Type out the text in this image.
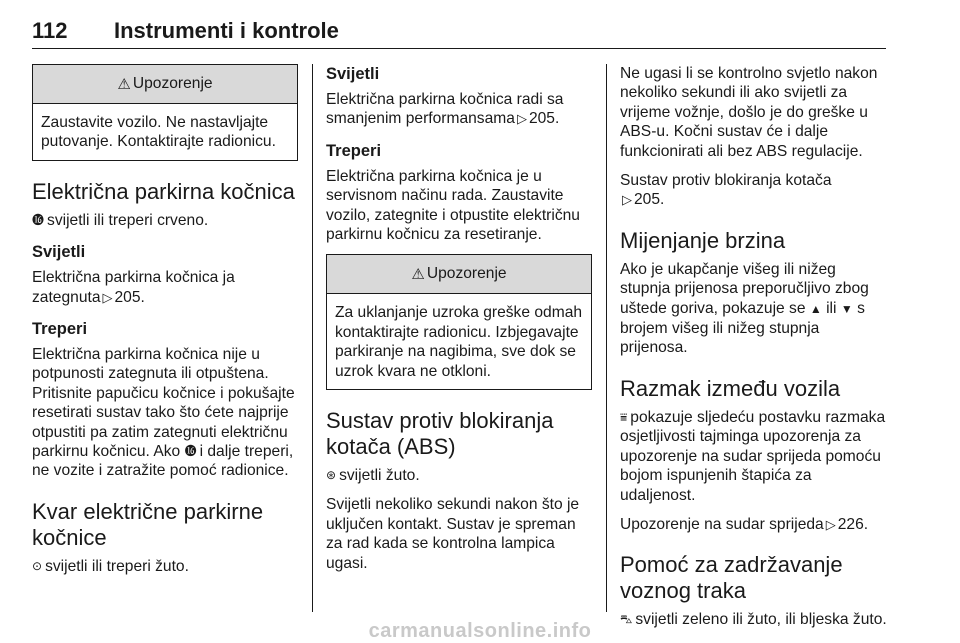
112 Instrumenti i kontrole
⚠ Upozorenje
Zaustavite vozilo. Ne nastavljajte putovanje. Kontaktirajte radionicu.
Električna parkirna kočnica

⓰ svijetli ili treperi crveno.

Svijetli

Električna parkirna kočnica ja zategnuta ▷ 205.

Treperi

Električna parkirna kočnica nije u potpunosti zategnuta ili otpuštena. Pritisnite papučicu kočnice i pokušajte resetirati sustav tako što ćete najprije otpustiti pa zatim zategnuti električnu parkirnu kočnicu. Ako ⓰ i dalje treperi, ne vozite i zatražite pomoć radionice.

Kvar električne parkirne kočnice

⊙ svijetli ili treperi žuto.

Svijetli

Električna parkirna kočnica radi sa smanjenim performansama ▷ 205.

Treperi

Električna parkirna kočnica je u servisnom načinu rada. Zaustavite vozilo, zategnite i otpustite električnu parkirnu kočnicu za resetiranje.

⚠ Upozorenje
Za uklanjanje uzroka greške odmah kontaktirajte radionicu. Izbjegavajte parkiranje na nagibima, sve dok se uzrok kvara ne otkloni.
Sustav protiv blokiranja kotača (ABS)

⊛ svijetli žuto.

Svijetli nekoliko sekundi nakon što je uključen kontakt. Sustav je spreman za rad kada se kontrolna lampica ugasi.

Ne ugasi li se kontrolno svjetlo nakon nekoliko sekundi ili ako svijetli za vrijeme vožnje, došlo je do greške u ABS-u. Kočni sustav će i dalje funkcionirati ali bez ABS regulacije.

Sustav protiv blokiranja kotača
▷ 205.

Mijenjanje brzina

Ako je ukapčanje višeg ili nižeg stupnja prijenosa preporučljivo zbog uštede goriva, pokazuje se ▲ ili ▼ s brojem višeg ili nižeg stupnja prijenosa.

Razmak između vozila

⩸ pokazuje sljedeću postavku razmaka osjetljivosti tajminga upozorenja za upozorenje na sudar sprijeda pomoću bojom ispunjenih štapića za udaljenost.

Upozorenje na sudar sprijeda ▷ 226.

Pomoć za zadržavanje voznog traka

⛍ svijetli zeleno ili žuto, ili bljeska žuto.

carmanualsonline.info
